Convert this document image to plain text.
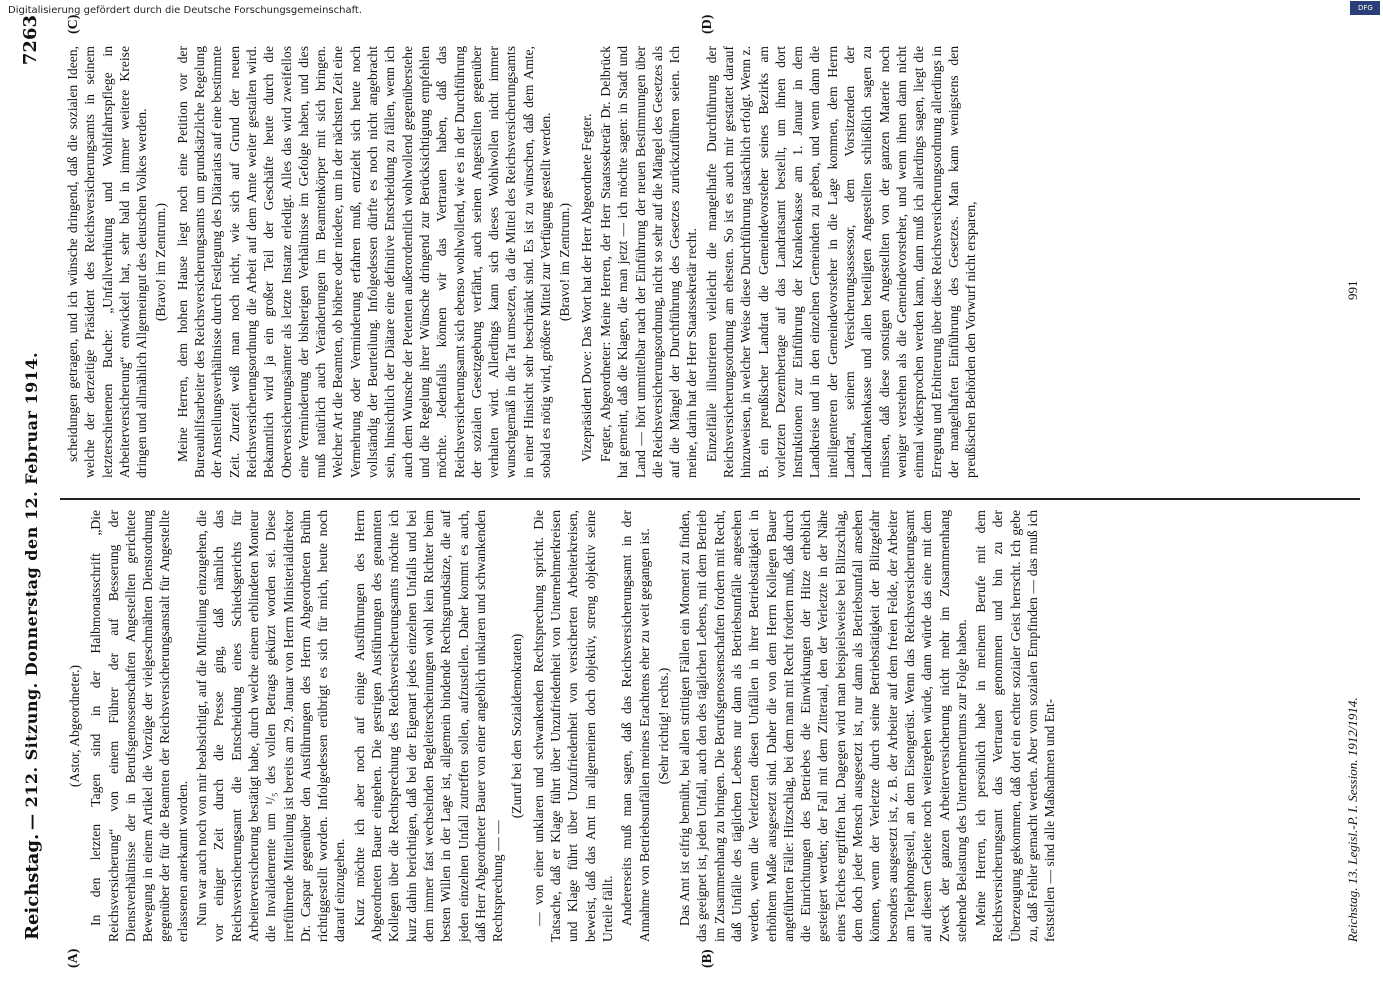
Reichstag.
— 212. Sitzung. Donnerstag den 12. Februar 1914.
7263
(A)	(B)
(C)	(D)

(Astor, Abgeordneter.) In den letzten Tagen sind in der Halbmonatsschrift „Die Reichsversicherung“ von einem Führer der auf Besserung der Dienstverhältnisse der in Berufsgenossenschaften Angestellten gerichtete Bewegung in einem Artikel die Vorzüge der vielgeschmähten Dienstordnung gegenüber der für die Beamten der Reichsversicherungsanstalt für Angestellte erlassenen anerkannt worden. Nun war auch noch von mir beabsichtigt, auf die Mitteilung einzugehen, die vor einiger Zeit durch die Presse ging, daß nämlich das Reichsversicherungsamt die Entscheidung eines Schiedsgerichts für Arbeiterversicherung bestätigt habe, durch welche einem erblindeten Monteur die Invalidenrente um ¹/₅ des vollen Betrags gekürzt worden sei. Diese irreführende Mitteilung ist bereits am 29. Januar von Herrn Ministerialdirektor Dr. Caspar gegenüber den Ausführungen des Herrn Abgeordneten Brühn richtiggestellt worden. Infolgedessen erübrigt es sich für mich, heute noch darauf einzugehen. Kurz möchte ich aber noch auf einige Ausführungen des Herrn Abgeordneten Bauer eingehen. Die gestrigen Ausführungen des genannten Kollegen über die Rechtsprechung des Reichsversicherungsamts möchte ich kurz dahin berichtigen, daß bei der Eigenart jedes einzelnen Unfalls und bei dem immer fast wechselnden Begleiterscheinungen wohl kein Richter beim besten Willen in der Lage ist, allgemein bindende Rechtsgrundsätze, die auf jeden einzelnen Unfall zutreffen sollen, aufzustellen. Daher kommt es auch, daß Herr Abgeordneter Bauer von einer angeblich unklaren und schwankenden Rechtsprechung — —

(Zuruf bei den Sozialdemokraten) — von einer unklaren und schwankenden Rechtsprechung spricht. Die Tatsache, daß er Klage führt über Unzufriedenheit von Unternehmerkreisen und Klage führt über Unzufriedenheit von versicherten Arbeiterkreisen, beweist, daß das Amt im allgemeinen doch objektiv, streng objektiv seine Urteile fällt. Andererseits muß man sagen, daß das Reichsversicherungsamt in der Annahme von Betriebsunfällen meines Erachtens eher zu weit gegangen ist. (Sehr richtig! rechts.) Das Amt ist eifrig bemüht, bei allen strittigen Fällen ein Moment zu finden, das geeignet ist, jeden Unfall, auch den des täglichen Lebens, mit dem Betrieb im Zusammenhang zu bringen. Die Berufsgenossenschaften fordern mit Recht, daß Unfälle des täglichen Lebens nur dann als Betriebsunfälle angesehen werden, wenn die Verletzten diesen Unfällen in ihrer Betriebstätigkeit in erhöhtem Maße ausgesetzt sind. Daher die von dem Herrn Kollegen Bauer angeführten Fälle: Hitzschlag, bei dem man mit Recht fordern muß, daß durch die Einrichtungen des Betriebes die Einwirkungen der Hitze erheblich gesteigert werden; der Fall mit dem Zitteraal, den der Verletzte in der Nähe eines Teiches ergriffen hat. Dagegen wird man beispielsweise bei Blitzschlag, dem doch jeder Mensch ausgesetzt ist, nur dann als Betriebsunfall ansehen können, wenn der Verletzte durch seine Betriebstätigkeit der Blitzgefahr besonders ausgesetzt ist, z. B. der Arbeiter auf dem freien Felde, der Arbeiter am Telephongestell, an dem Eisengerüst. Wenn das Reichsversicherungsamt auf diesem Gebiete noch weitergehen würde, dann würde das eine mit dem Zweck der ganzen Arbeiterversicherung nicht mehr im Zusammenhang stehende Belastung des Unternehmertums zur Folge haben. Meine Herren, ich persönlich habe in meinem Berufe mit dem Reichsversicherungsamt das Vertrauen genommen und bin zu der Überzeugung gekommen, daß dort ein echter sozialer Geist herrscht. Ich gebe zu, daß Fehler gemacht werden. Aber vom sozialen Empfinden — das muß ich feststellen — sind alle Maßnahmen und Ent-

scheidungen getragen, und ich wünsche dringend, daß die sozialen Ideen, welche der derzeitige Präsident des Reichsversicherungsamts in seinem letzterschienenen Buche: „Unfallverhütung und Wohlfahrtspflege in Arbeiterversicherung“ entwickelt hat, sehr bald in immer weitere Kreise dringen und allmählich Allgemeingut des deutschen Volkes werden. (Bravo! im Zentrum.) Meine Herren, dem hohen Hause liegt noch eine Petition vor der Bureauhilfsarbeiter des Reichsversicherungsamts um grundsätzliche Regelung der Anstellungsverhältnisse durch Festlegung des Diätariats auf eine bestimmte Zeit. Zurzeit weiß man noch nicht, wie sich auf Grund der neuen Reichsversicherungsordnung die Arbeit auf dem Amte weiter gestalten wird. Bekanntlich wird ja ein großer Teil der Geschäfte heute durch die Oberversicherungsämter als letzte Instanz erledigt. Alles das wird zweifellos eine Verminderung der bisherigen Verhältnisse im Gefolge haben, und dies muß natürlich auch Veränderungen im Beamtenkörper mit sich bringen. Welcher Art die Beamten, ob höhere oder niedere, um in der nächsten Zeit eine Vermehrung oder Verminderung erfahren muß, entzieht sich heute noch vollständig der Beurteilung. Infolgedessen dürfte es noch nicht angebracht sein, hinsichtlich der Diätare eine definitive Entscheidung zu fällen, wenn ich auch dem Wunsche der Petenten außerordentlich wohlwollend gegenüberstehe und die Regelung ihrer Wünsche dringend zur Berücksichtigung empfehlen möchte. Jedenfalls können wir das Vertrauen haben, daß das Reichsversicherungsamt sich ebenso wohlwollend, wie es in der Durchführung der sozialen Gesetzgebung verfährt, auch seinen Angestellten gegenüber verhalten wird. Allerdings kann sich dieses Wohlwollen nicht immer wunschgemäß in die Tat umsetzen, da die Mittel des Reichsversicherungsamts in einer Hinsicht sehr beschränkt sind. Es ist zu wünschen, daß dem Amte, sobald es nötig wird, größere Mittel zur Verfügung gestellt werden. (Bravo! im Zentrum.) Vizepräsident Dove: Das Wort hat der Herr Abgeordnete Fegter. Fegter, Abgeordneter: Meine Herren, der Herr Staatssekretär Dr. Delbrück hat gemeint, daß die Klagen, die man jetzt — ich möchte sagen: in Stadt und Land — hört unmittelbar nach der Einführung der neuen Bestimmungen über die Reichsversicherungsordnung, nicht so sehr auf die Mängel des Gesetzes als auf die Mängel der Durchführung des Gesetzes zurückzuführen seien. Ich meine, darin hat der Herr Staatssekretär recht. Einzelfälle illustrieren vielleicht die mangelhafte Durchführung der Reichsversicherungsordnung am ehesten. So ist es auch mir gestattet darauf hinzuweisen, in welcher Weise diese Durchführung tatsächlich erfolgt. Wenn z. B. ein preußischer Landrat die Gemeindevorsteher seines Bezirks am vorletzten Dezembertage auf das Landratsamt bestellt, um ihnen dort Instruktionen zur Einführung der Krankenkasse am 1. Januar in dem Landkreise und in den einzelnen Gemeinden zu geben, und wenn dann die intelligenteren der Gemeindevorsteher in die Lage kommen, dem Herrn Landrat, seinem Versicherungsassessor, dem Vorsitzenden der Landkrankenkasse und allen beteiligten Angestellten schließlich sagen zu müssen, daß diese sonstigen Angestellten von der ganzen Materie noch weniger verstehen als die Gemeindevorsteher, und wenn ihnen dann nicht einmal widersprochen werden kann, dann muß ich allerdings sagen, liegt die Erregung und Erbitterung über diese Reichsversicherungsordnung allerdings in der mangelhaften Einführung des Gesetzes. Man kann wenigstens den preußischen Behörden den Vorwurf nicht ersparen,

Reichstag. 13. Legisl.-P. I. Session. 1912/1914.
991
Digitalisierung gefördert durch die Deutsche Forschungsgemeinschaft.	DFG
